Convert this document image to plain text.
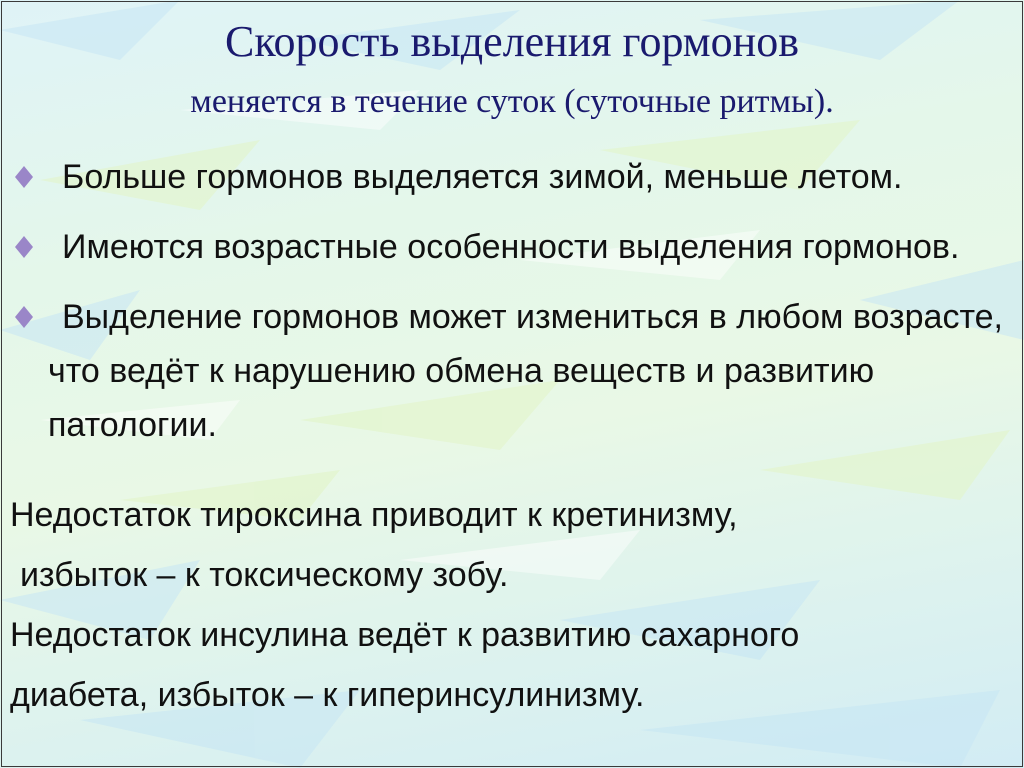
Скорость выделения гормонов
меняется в течение суток (суточные ритмы).
Больше гормонов выделяется зимой, меньше летом.
Имеются возрастные особенности выделения гормонов.
Выделение гормонов может измениться в любом возрасте, что ведёт к нарушению обмена веществ и развитию патологии.
Недостаток тироксина приводит к кретинизму,
избыток – к токсическому зобу.
Недостаток инсулина ведёт к развитию сахарного
диабета, избыток – к гиперинсулинизму.
